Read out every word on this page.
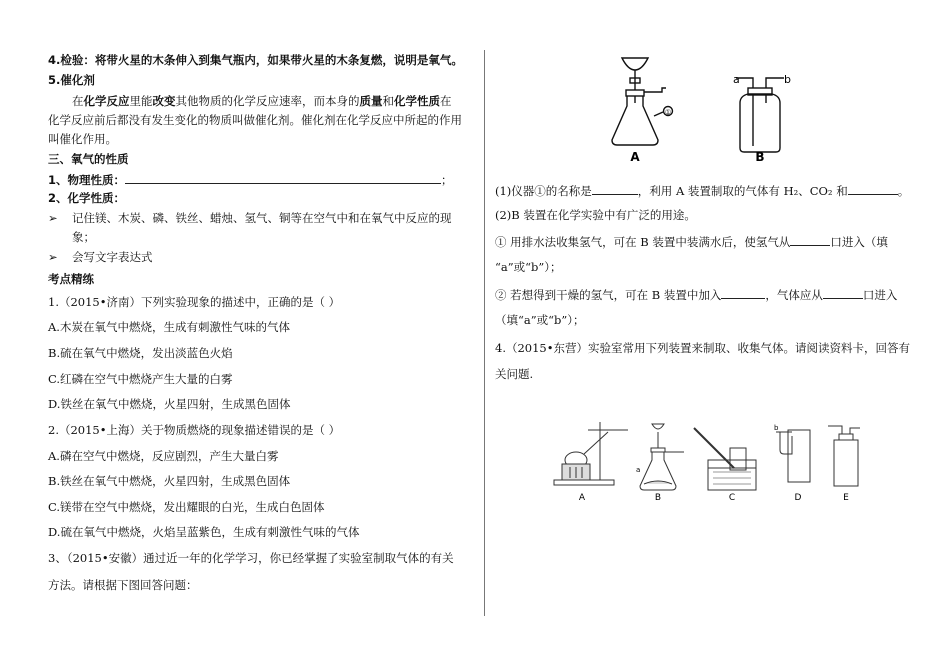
4.检验：将带火星的木条伸入到集气瓶内，如果带火星的木条复燃，说明是氧气。
5.催化剂
在化学反应里能改变其他物质的化学反应速率，而本身的质量和化学性质在
化学反应前后都没有发生变化的物质叫做催化剂。催化剂在化学反应中所起的作用
叫催化作用。
三、氧气的性质
1、物理性质：	；
2、化学性质：
➢ 记住镁、木炭、磷、铁丝、蜡烛、氢气、铜等在空气中和在氧气中反应的现
象；
➢ 会写文字表达式
考点精练
1.（2015•济南）下列实验现象的描述中，正确的是（ ）
A.木炭在氧气中燃烧，生成有刺激性气味的气体
B.硫在氧气中燃烧，发出淡蓝色火焰
C.红磷在空气中燃烧产生大量的白雾
D.铁丝在氧气中燃烧，火星四射，生成黑色固体
2.（2015•上海）关于物质燃烧的现象描述错误的是（ ）
A.磷在空气中燃烧，反应剧烈，产生大量白雾
B.铁丝在氧气中燃烧，火星四射，生成黑色固体
C.镁带在空气中燃烧，发出耀眼的白光，生成白色固体
D.硫在氧气中燃烧，火焰呈蓝紫色，生成有刺激性气味的气体
3、（2015•安徽）通过近一年的化学学习，你已经掌握了实验室制取气体的有关
方法。请根据下图回答问题：
①
A
a	b
B
(1)仪器①的名称是	，利用 A 装置制取的气体有 H₂、CO₂ 和	。
(2)B 装置在化学实验中有广泛的用途。
① 用排水法收集氢气，可在 B 装置中装满水后，使氢气从	口进入（填
“a”或“b”）；
② 若想得到干燥的氢气，可在 B 装置中加入	，气体应从	口进入
（填“a”或“b”）；
4.（2015•东营）实验室常用下列装置来制取、收集气体。请阅读资料卡，回答有
关问题.
a
b
A	B	C	D	E
